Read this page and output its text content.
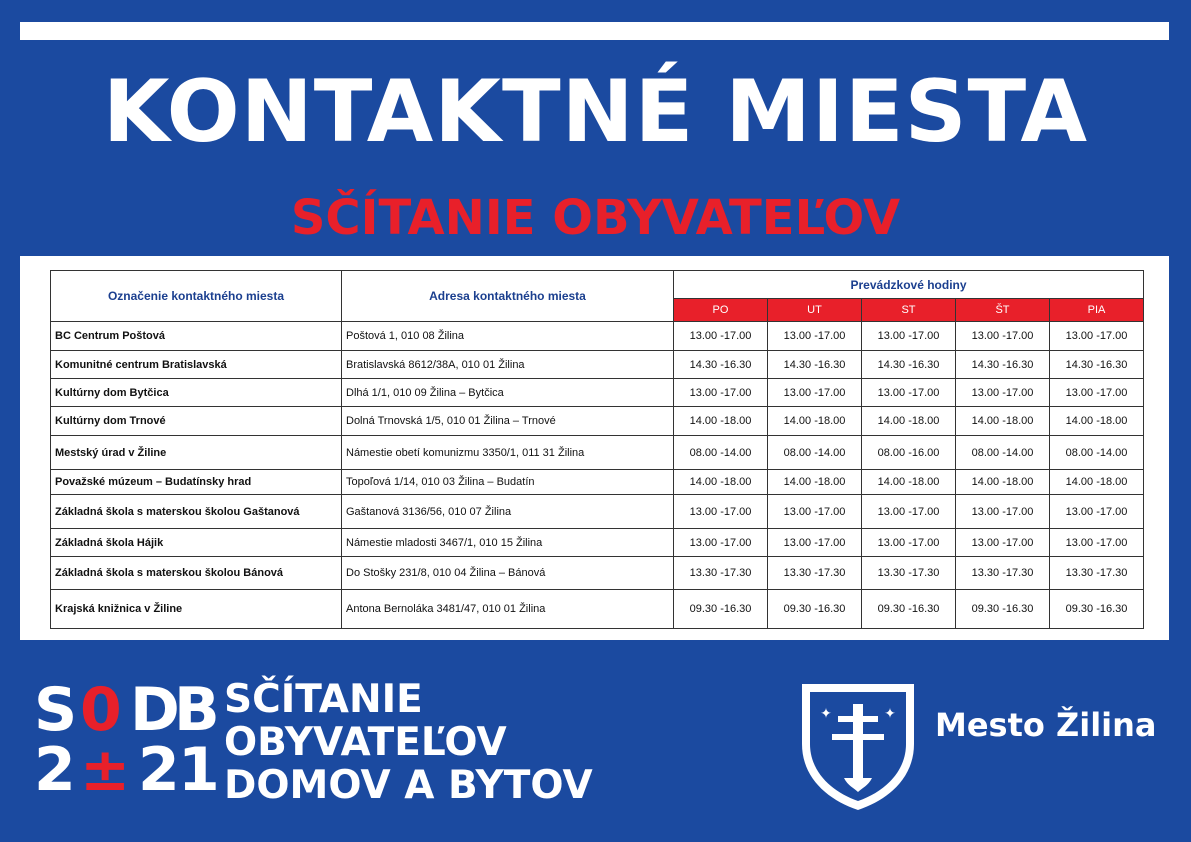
KONTAKTNÉ MIESTA
SČÍTANIE OBYVATEĽOV
Označenie kontaktného miesta	Adresa kontaktného miesta	Prevádzkové hodiny				
		PO	UT	ST	ŠT	PIA
BC Centrum Poštová	Poštová 1, 010 08 Žilina	13.00 -17.00	13.00 -17.00	13.00 -17.00	13.00 -17.00	13.00 -17.00
Komunitné centrum Bratislavská	Bratislavská 8612/38A, 010 01 Žilina	14.30 -16.30	14.30 -16.30	14.30 -16.30	14.30 -16.30	14.30 -16.30
Kultúrny dom Bytčica	Dlhá 1/1, 010 09 Žilina – Bytčica	13.00 -17.00	13.00 -17.00	13.00 -17.00	13.00 -17.00	13.00 -17.00
Kultúrny dom Trnové	Dolná Trnovská 1/5, 010 01 Žilina – Trnové	14.00 -18.00	14.00 -18.00	14.00 -18.00	14.00 -18.00	14.00 -18.00
Mestský úrad v Žiline	Námestie obetí komunizmu 3350/1, 011 31 Žilina	08.00 -14.00	08.00 -14.00	08.00 -16.00	08.00 -14.00	08.00 -14.00
Považské múzeum – Budatínsky hrad	Topoľová 1/14, 010 03 Žilina – Budatín	14.00 -18.00	14.00 -18.00	14.00 -18.00	14.00 -18.00	14.00 -18.00
Základná škola s materskou školou Gaštanová	Gaštanová 3136/56, 010 07 Žilina	13.00 -17.00	13.00 -17.00	13.00 -17.00	13.00 -17.00	13.00 -17.00
Základná škola Hájik	Námestie mladosti 3467/1, 010 15 Žilina	13.00 -17.00	13.00 -17.00	13.00 -17.00	13.00 -17.00	13.00 -17.00
Základná škola s materskou školou Bánová	Do Stošky 231/8, 010 04 Žilina – Bánová	13.30 -17.30	13.30 -17.30	13.30 -17.30	13.30 -17.30	13.30 -17.30
Krajská knižnica v Žiline	Antona Bernoláka 3481/47, 010 01 Žilina	09.30 -16.30	09.30 -16.30	09.30 -16.30	09.30 -16.30	09.30 -16.30
S 0 D
B
2 ± 2
1
SČÍTANIE
OBYVATEĽOV
DOMOV A BYTOV
✦	✦ Mesto Žilina
